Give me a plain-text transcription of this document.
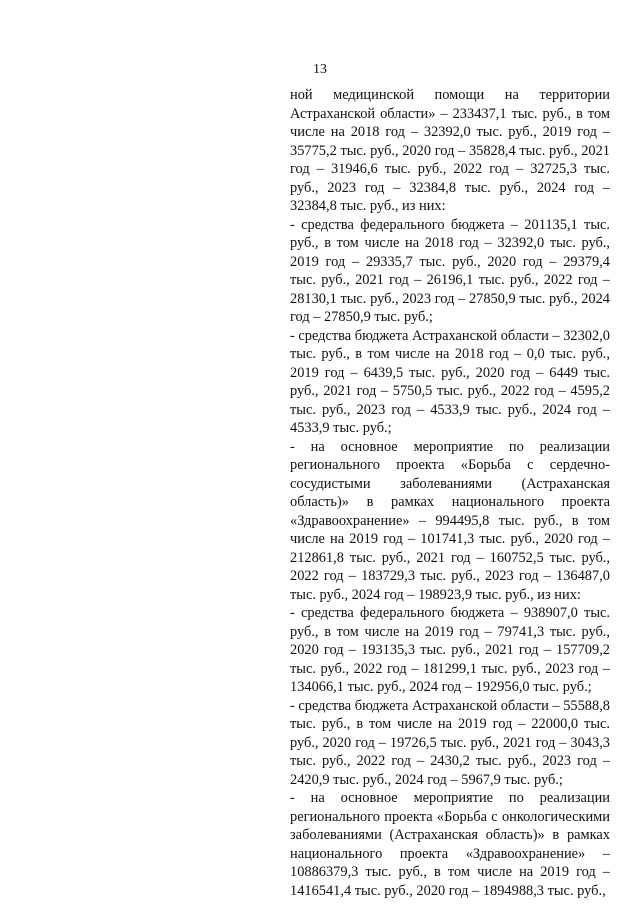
13

ной медицинской помощи на территории Астраханской области» – 233437,1 тыс. руб., в том числе на 2018 год – 32392,0 тыс. руб., 2019 год – 35775,2 тыс. руб., 2020 год – 35828,4 тыс. руб., 2021 год – 31946,6 тыс. руб., 2022 год – 32725,3 тыс. руб., 2023 год – 32384,8 тыс. руб., 2024 год – 32384,8 тыс. руб., из них:

- средства федерального бюджета – 201135,1 тыс. руб., в том числе на 2018 год – 32392,0 тыс. руб., 2019 год – 29335,7 тыс. руб., 2020 год – 29379,4 тыс. руб., 2021 год – 26196,1 тыс. руб., 2022 год – 28130,1 тыс. руб., 2023 год – 27850,9 тыс. руб., 2024 год – 27850,9 тыс. руб.;

- средства бюджета Астраханской области – 32302,0 тыс. руб., в том числе на 2018 год – 0,0 тыс. руб., 2019 год – 6439,5 тыс. руб., 2020 год – 6449 тыс. руб., 2021 год – 5750,5 тыс. руб., 2022 год – 4595,2 тыс. руб., 2023 год – 4533,9 тыс. руб., 2024 год – 4533,9 тыс. руб.;

- на основное мероприятие по реализации регионального проекта «Борьба с сердечно-сосудистыми заболеваниями (Астраханская область)» в рамках национального проекта «Здравоохранение» – 994495,8 тыс. руб., в том числе на 2019 год – 101741,3 тыс. руб., 2020 год – 212861,8 тыс. руб., 2021 год – 160752,5 тыс. руб., 2022 год – 183729,3 тыс. руб., 2023 год – 136487,0 тыс. руб., 2024 год – 198923,9 тыс. руб., из них:

- средства федерального бюджета – 938907,0 тыс. руб., в том числе на 2019 год – 79741,3 тыс. руб., 2020 год – 193135,3 тыс. руб., 2021 год – 157709,2 тыс. руб., 2022 год – 181299,1 тыс. руб., 2023 год – 134066,1 тыс. руб., 2024 год – 192956,0 тыс. руб.;

- средства бюджета Астраханской области – 55588,8 тыс. руб., в том числе на 2019 год – 22000,0 тыс. руб., 2020 год – 19726,5 тыс. руб., 2021 год – 3043,3 тыс. руб., 2022 год – 2430,2 тыс. руб., 2023 год – 2420,9 тыс. руб., 2024 год – 5967,9 тыс. руб.;

- на основное мероприятие по реализации регионального проекта «Борьба с онкологическими заболеваниями (Астраханская область)» в рамках национального проекта «Здравоохранение» – 10886379,3 тыс. руб., в том числе на 2019 год – 1416541,4 тыс. руб., 2020 год – 1894988,3 тыс. руб.,
